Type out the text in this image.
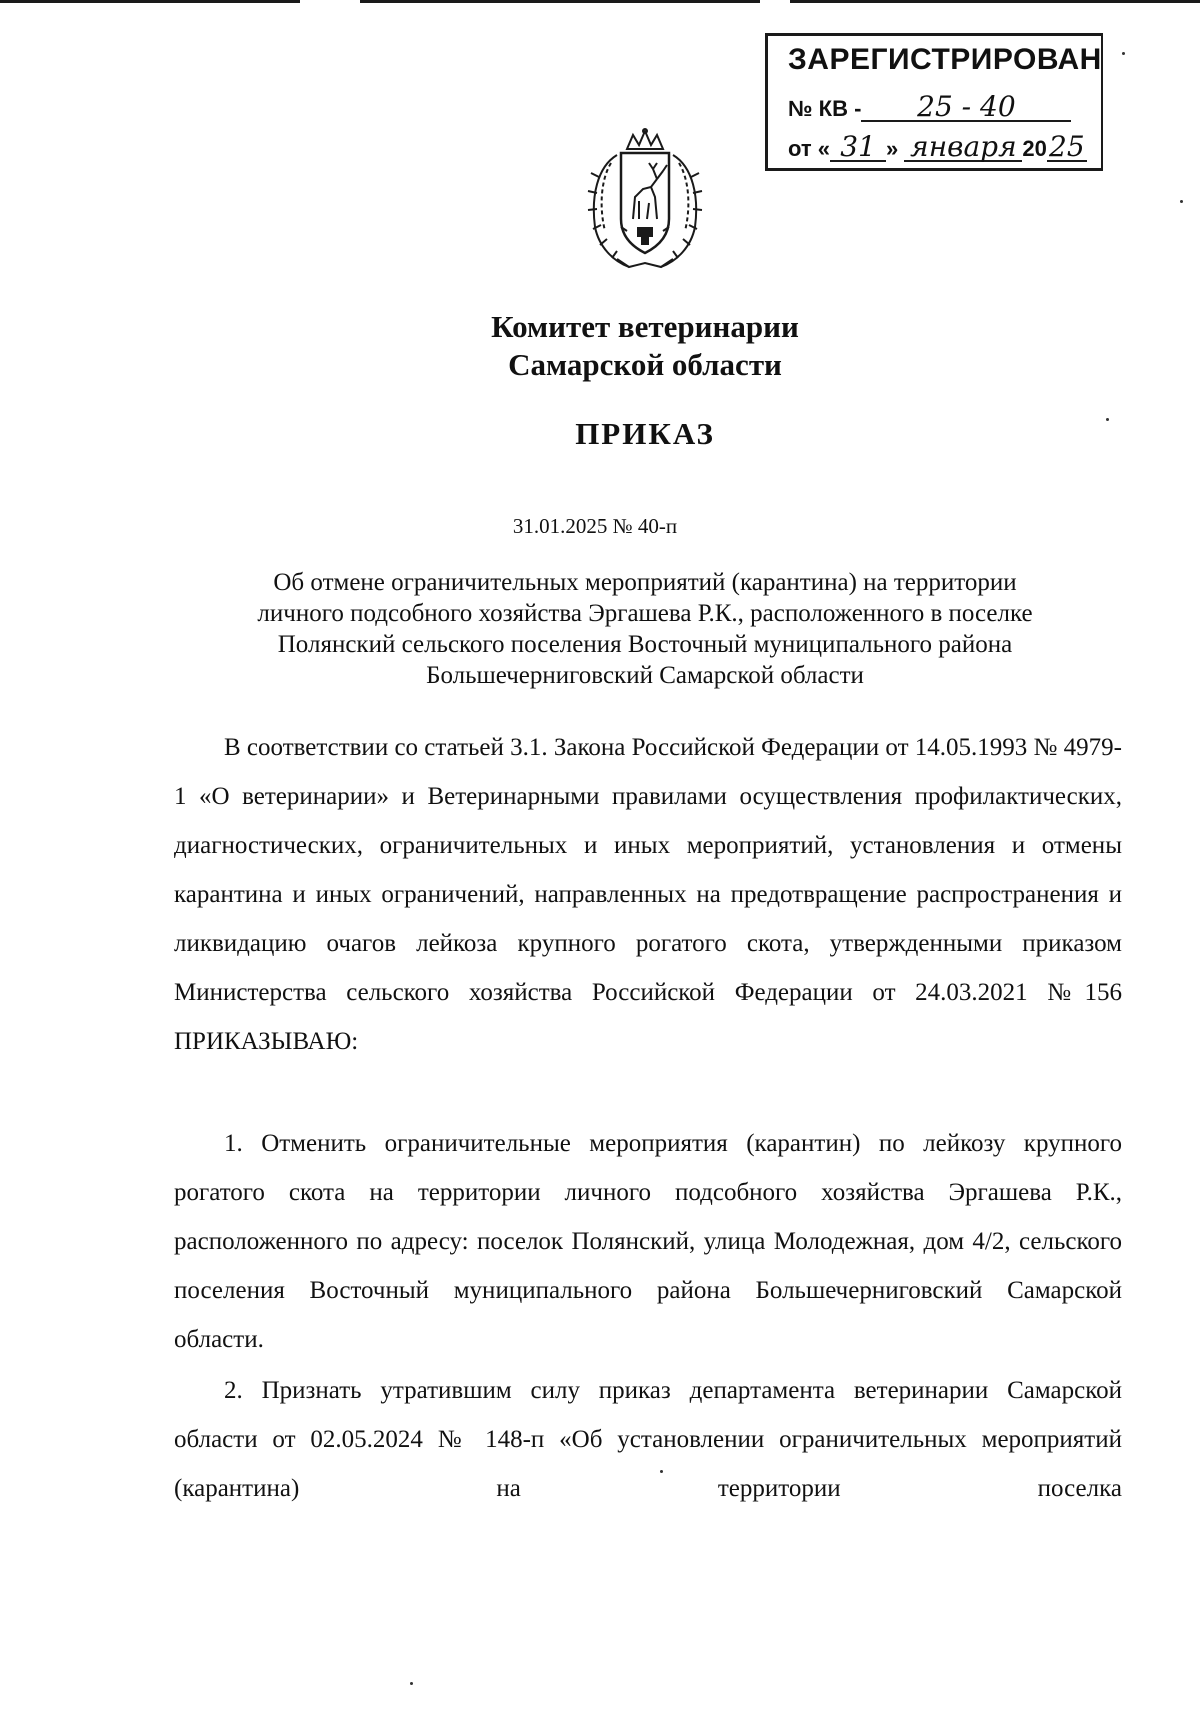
ЗАРЕГИСТРИРОВАН
№ КВ - 25 - 40
от « 31 » января 2025
Комитет ветеринарии
Самарской области
ПРИКАЗ
31.01.2025 № 40-п
Об отмене ограничительных мероприятий (карантина) на территории
личного подсобного хозяйства Эргашева Р.К., расположенного в поселке
Полянский сельского поселения Восточный муниципального района
Большечерниговский Самарской области
В соответствии со статьей 3.1. Закона Российской Федерации от 14.05.1993 № 4979-1 «О ветеринарии» и Ветеринарными правилами осуществления профилактических, диагностических, ограничительных и иных мероприятий, установления и отмены карантина и иных ограничений, направленных на предотвращение распространения и ликвидацию очагов лейкоза крупного рогатого скота, утвержденными приказом Министерства сельского хозяйства Российской Федерации от 24.03.2021 №156
ПРИКАЗЫВАЮ:
1. Отменить ограничительные мероприятия (карантин) по лейкозу крупного рогатого скота на территории личного подсобного хозяйства Эргашева Р.К., расположенного по адресу: поселок Полянский, улица Молодежная, дом 4/2, сельского поселения Восточный муниципального района Большечерниговский Самарской области.
2. Признать утратившим силу приказ департамента ветеринарии Самарской области от 02.05.2024 № 148-п «Об установлении ограничительных мероприятий (карантина) на территории поселка
